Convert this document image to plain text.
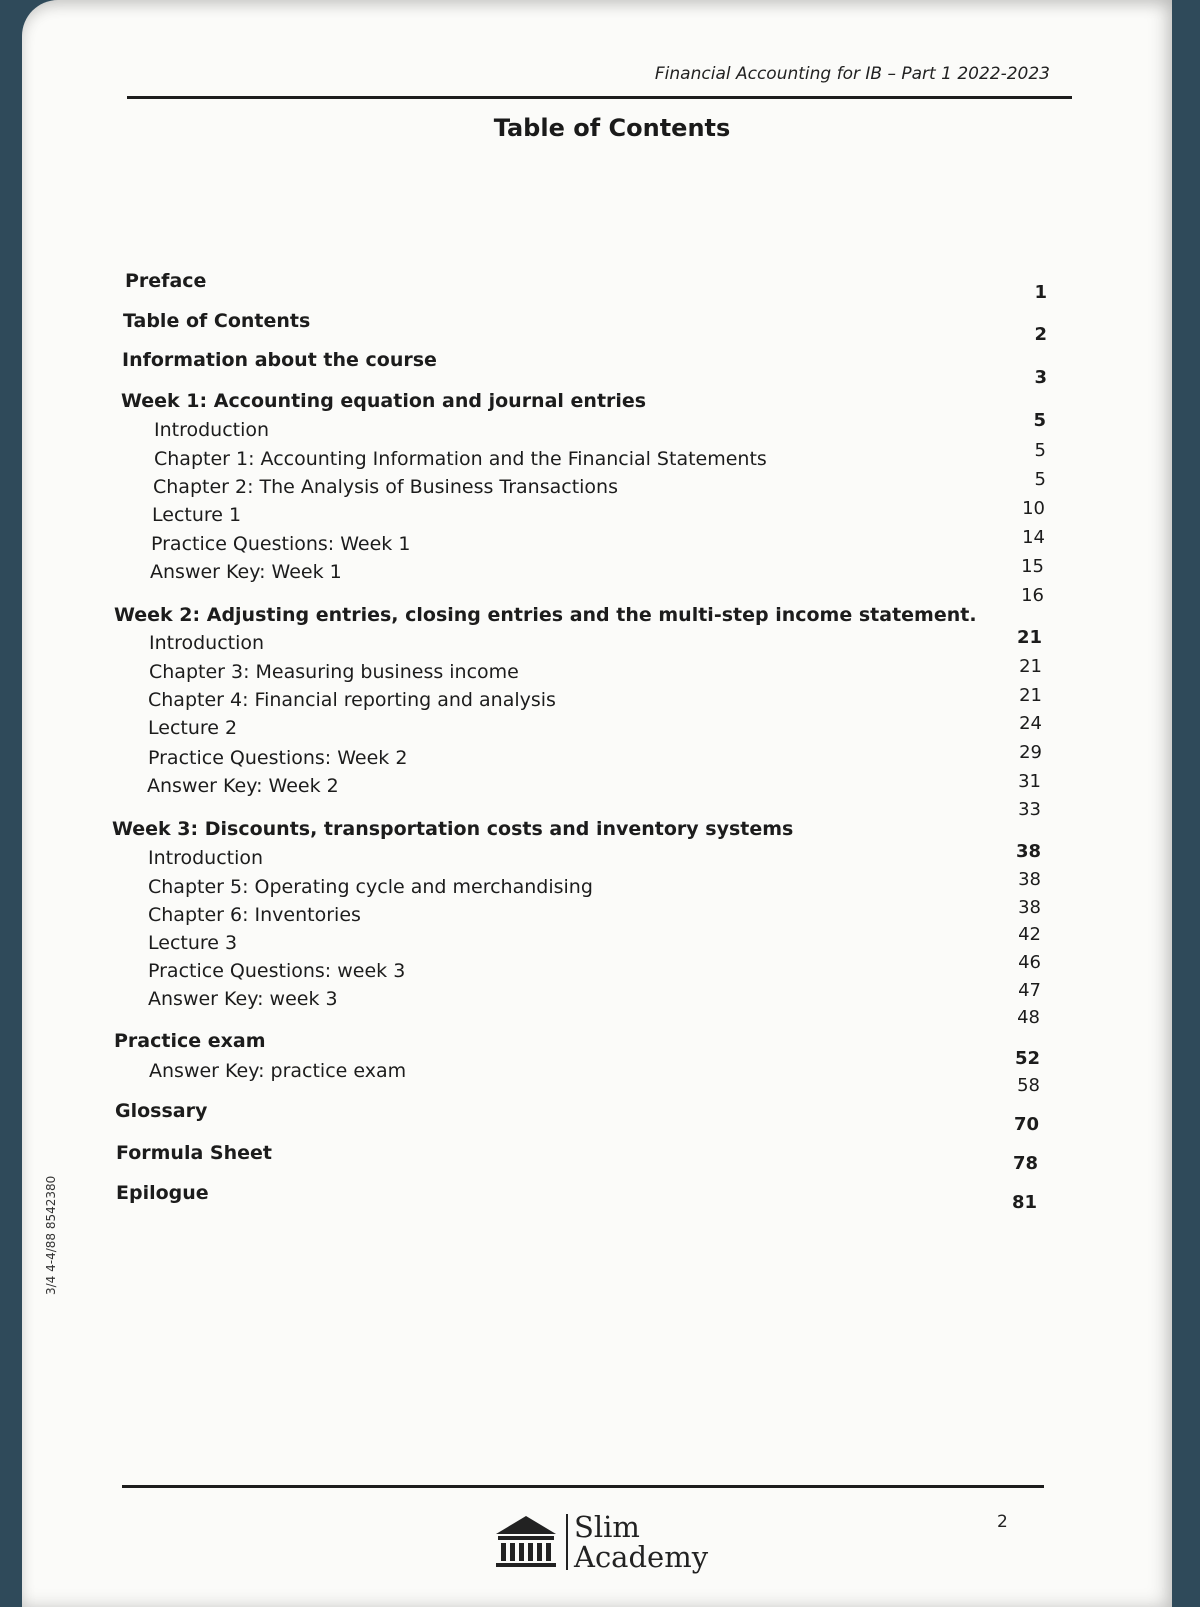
Financial Accounting for IB – Part 1 2022-2023
Table of Contents
Preface
1
Table of Contents
2
Information about the course
3
Week 1: Accounting equation and journal entries
5
Introduction
5
Chapter 1: Accounting Information and the Financial Statements
5
Chapter 2: The Analysis of Business Transactions
10
Lecture 1
14
Practice Questions: Week 1
15
Answer Key: Week 1
16
Week 2: Adjusting entries, closing entries and the multi-step income statement.
21
Introduction
21
Chapter 3: Measuring business income
21
Chapter 4: Financial reporting and analysis
24
Lecture 2
29
Practice Questions: Week 2
31
Answer Key: Week 2
33
Week 3: Discounts, transportation costs and inventory systems
38
Introduction
38
Chapter 5: Operating cycle and merchandising
38
Chapter 6: Inventories
42
Lecture 3
46
Practice Questions: week 3
47
Answer Key: week 3
48
Practice exam
52
Answer Key: practice exam
58
Glossary
70
Formula Sheet	78
Epilogue	81
Slim
Academy
2
3/4 4-4/88 8542380
